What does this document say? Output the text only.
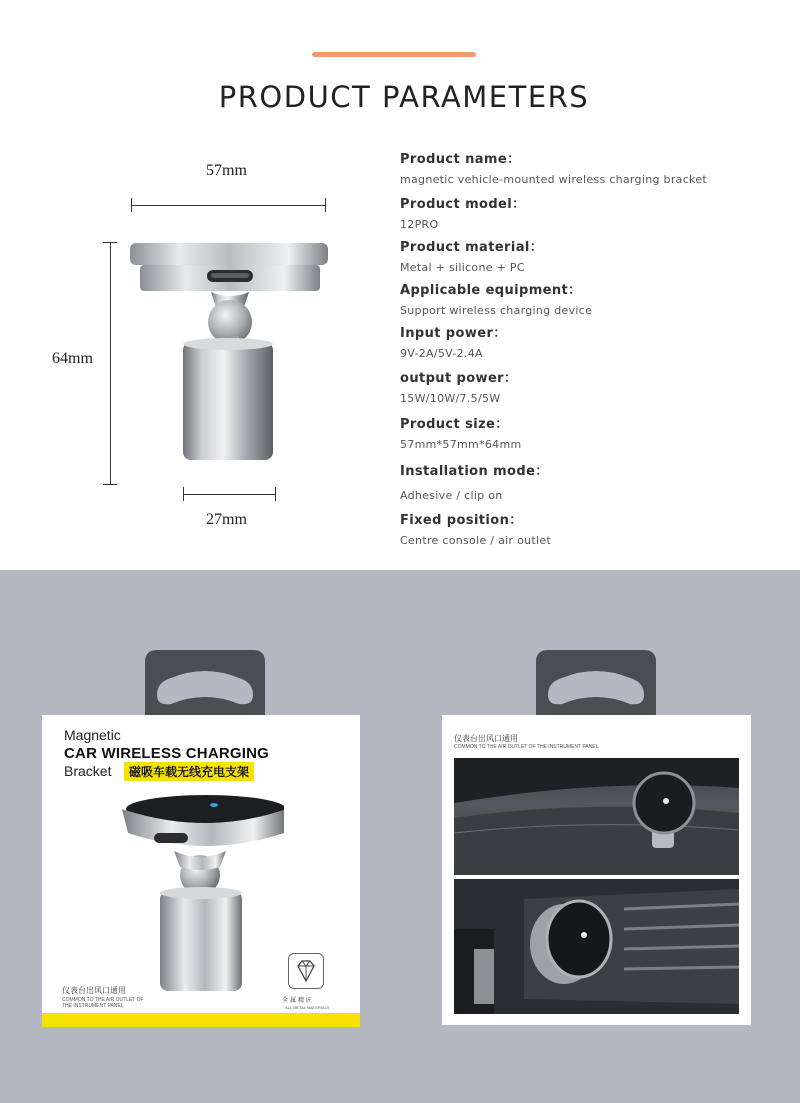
PRODUCT PARAMETERS
57mm
64mm
27mm
Product name：
magnetic vehicle-mounted wireless charging bracket
Product model：
12PRO
Product material：
Metal + silicone + PC
Applicable equipment：
Support wireless charging device
Input power：
9V-2A/5V-2.4A
output power：
15W/10W/7.5/5W
Product size：
57mm*57mm*64mm
Installation mode：
Adhesive / clip on
Fixed position：
Centre console / air outlet
Magnetic
CAR WIRELESS CHARGING
Bracket	磁吸车载无线充电支架
仪表台出风口通用
COMMON TO THE AIR OUTLET OF THE INSTRUMENT PANEL
全属精匠
ALL METAL MATERIALS
仪表台出风口通用
COMMON TO THE AIR OUTLET OF THE INSTRUMENT PANEL
